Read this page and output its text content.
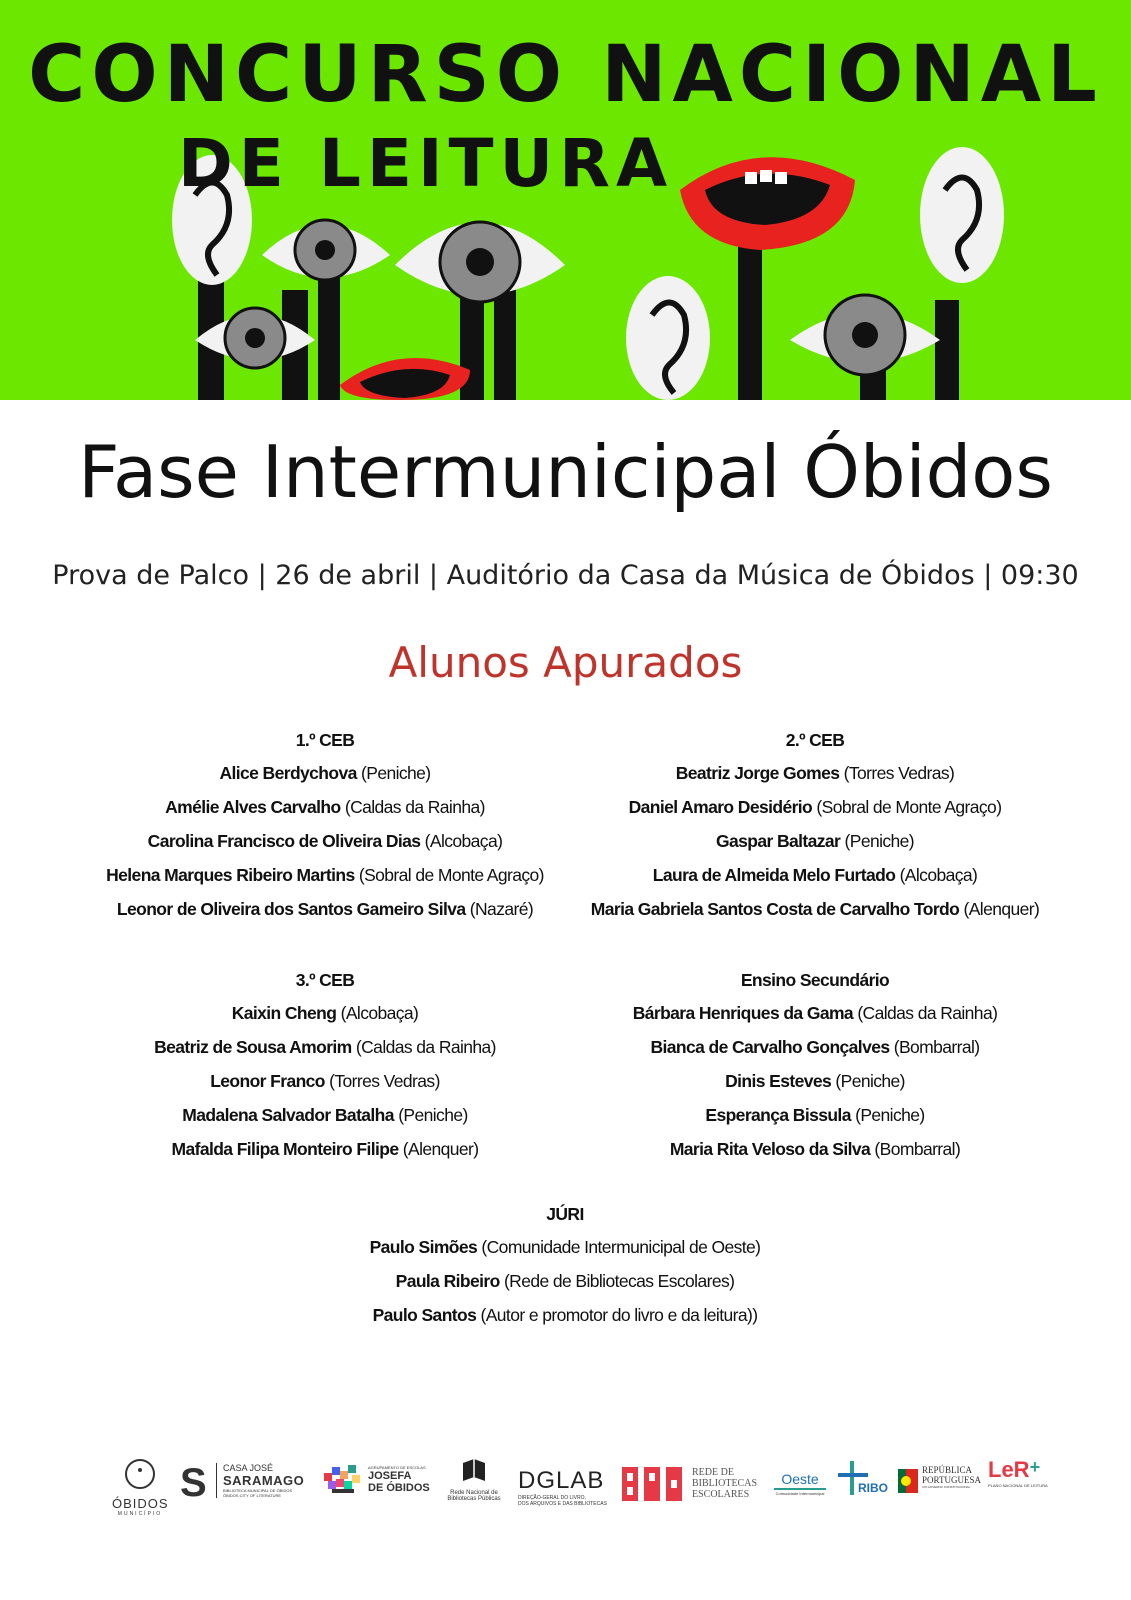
CONCURSO NACIONAL
DE LEITURA
Fase Intermunicipal Óbidos
Prova de Palco | 26 de abril | Auditório da Casa da Música de Óbidos | 09:30
Alunos Apurados
1.º CEB
Alice Berdychova (Peniche)
Amélie Alves Carvalho (Caldas da Rainha)
Carolina Francisco de Oliveira Dias (Alcobaça)
Helena Marques Ribeiro Martins (Sobral de Monte Agraço)
Leonor de Oliveira dos Santos Gameiro Silva (Nazaré)
2.º CEB
Beatriz Jorge Gomes (Torres Vedras)
Daniel Amaro Desidério (Sobral de Monte Agraço)
Gaspar Baltazar (Peniche)
Laura de Almeida Melo Furtado (Alcobaça)
Maria Gabriela Santos Costa de Carvalho Tordo (Alenquer)
3.º CEB
Kaixin Cheng (Alcobaça)
Beatriz de Sousa Amorim (Caldas da Rainha)
Leonor Franco (Torres Vedras)
Madalena Salvador Batalha (Peniche)
Mafalda Filipa Monteiro Filipe (Alenquer)
Ensino Secundário
Bárbara Henriques da Gama (Caldas da Rainha)
Bianca de Carvalho Gonçalves (Bombarral)
Dinis Esteves (Peniche)
Esperança Bissula (Peniche)
Maria Rita Veloso da Silva (Bombarral)
JÚRI
Paulo Simões (Comunidade Intermunicipal de Oeste)
Paula Ribeiro (Rede de Bibliotecas Escolares)
Paulo Santos (Autor e promotor do livro e da leitura))
ÓBIDOS
MUNICÍPIO
S CASA JOSÉ
SARAMAGO
BIBLIOTECA MUNICIPAL DE ÓBIDOS
ÓBIDOS CITY OF LITERATURE
AGRUPAMENTO DE ESCOLAS
JOSEFA
DE ÓBIDOS	Rede Nacional de
Bibliotecas Públicas
DGLAB
DIREÇÃO-GERAL DO LIVRO,
DOS ARQUIVOS E DAS BIBLIOTECAS
REDE DE
BIBLIOTECAS
ESCOLARES
Oeste
Comunidade Intermunicipal	RIBO
REPÚBLICA
PORTUGUESA
XXI GOVERNO CONSTITUCIONAL
LeR+
PLANO NACIONAL DE LEITURA
